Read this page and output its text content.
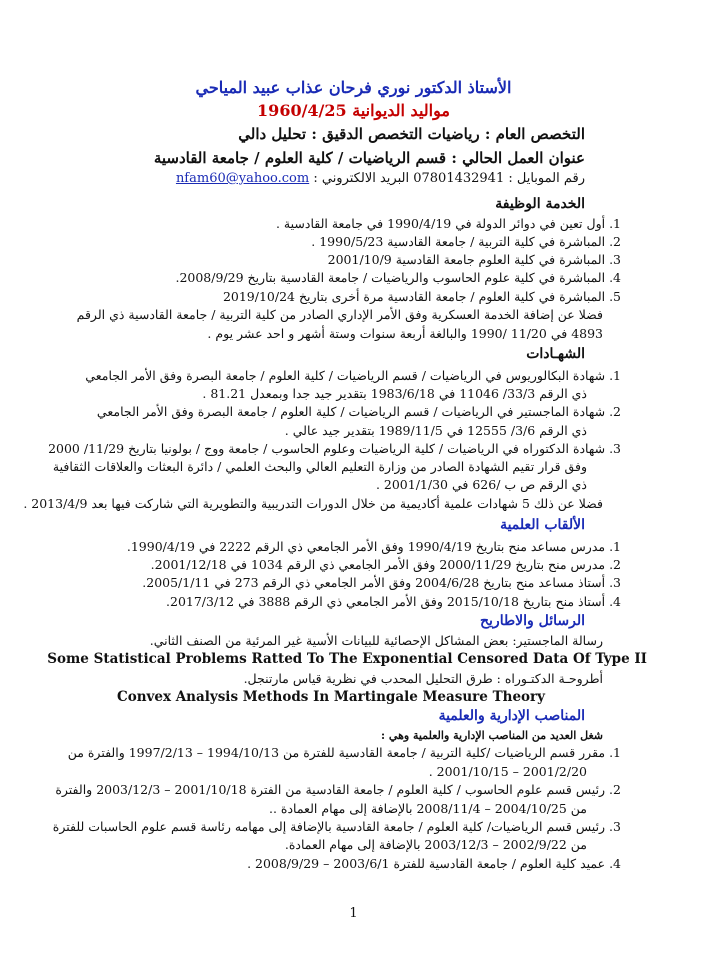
الأستاذ الدكتور نوري فرحان عذاب عبيد المياحي
مواليد الديوانية 1960/4/25
التخصص العام : رياضيات التخصص الدقيق : تحليل دالي
عنوان العمل الحالي : قسم الرياضيات / كلية العلوم / جامعة القادسية
رقم الموبايل : 07801432941 البريد الالكتروني : nfam60@yahoo.com
الخدمة الوظيفة
1. أول تعين في دوائر الدولة في 1990/4/19 في جامعة القادسية .
2. المباشرة في كلية التربية / جامعة القادسية 1990/5/23 .
3. المباشرة في كلية العلوم جامعة القادسية 2001/10/9
4. المباشرة في كلية علوم الحاسوب والرياضيات / جامعة القادسية بتاريخ 2008/9/29.
5. المباشرة في كلية العلوم / جامعة القادسية مرة أخرى بتاريخ 2019/10/24
فضلا عن إضافة الخدمة العسكرية وفق الأمر الإداري الصادر من كلية التربية / جامعة القادسية ذي الرقم
4893 في 11/20 /1990 والبالغة أربعة سنوات وستة أشهر و احد عشر يوم .
الشهـادات
1. شهادة البكالوريوس في الرياضيات / قسم الرياضيات / كلية العلوم / جامعة البصرة وفق الأمر الجامعي
ذي الرقم 33/3/ 11046 في 1983/6/18 بتقدير جيد جدا وبمعدل 81.21 .
2. شهادة الماجستير في الرياضيات / قسم الرياضيات / كلية العلوم / جامعة البصرة وفق الأمر الجامعي
ذي الرقم 3/6/ 12555 في 1989/11/5 بتقدير جيد عالي .
3. شهادة الدكتوراه في الرياضيات / كلية الرياضيات وعلوم الحاسوب / جامعة ووج / بولونيا بتاريخ 11/29/ 2000
وفق قرار تقيم الشهادة الصادر من وزارة التعليم العالي والبحث العلمي / دائرة البعثات والعلاقات الثقافية
ذي الرقم ص ب /626 في 2001/1/30 .
فضلا عن ذلك 5 شهادات علمية أكاديمية من خلال الدورات التدريبية والتطويرية التي شاركت فيها بعد 2013/4/9 .
الألقاب العلمية
1. مدرس مساعد منح بتاريخ 1990/4/19 وفق الأمر الجامعي ذي الرقم 2222 في 1990/4/19.
2. مدرس منح بتاريخ 2000/11/29 وفق الأمر الجامعي ذي الرقم 1034 في 2001/12/18.
3. أستاذ مساعد منح بتاريخ 2004/6/28 وفق الأمر الجامعي ذي الرقم 273 في 2005/1/11.
4. أستاذ منح بتاريخ 2015/10/18 وفق الأمر الجامعي ذي الرقم 3888 في 2017/3/12.
الرسائل والاطاريح
رسالة الماجستير: بعض المشاكل الإحصائية للبيانات الأسية غير المرئية من الصنف الثاني.
Some Statistical Problems Ratted To The Exponential Censored Data Of Type II
أطروحـة الدكتـوراه : طرق التحليل المحدب في نظرية قياس مارتنجل.
Convex Analysis Methods In Martingale Measure Theory
المناصب الإدارية والعلمية
شغل العديد من المناصب الإدارية والعلمية وهي :
1. مقرر قسم الرياضيات /كلية التربية / جامعة القادسية للفترة من 1994/10/13 – 1997/2/13 والفترة من
2001/2/20 – 2001/10/15 .
2. رئيس قسم علوم الحاسوب / كلية العلوم / جامعة القادسية من الفترة 2001/10/18 – 2003/12/3 والفترة
من 2004/10/25 – 2008/11/4 بالإضافة إلى مهام العمادة ..
3. رئيس قسم الرياضيات/ كلية العلوم / جامعة القادسية بالإضافة إلى مهامه رئاسة قسم علوم الحاسبات للفترة
من 2002/9/22 – 2003/12/3 بالإضافة إلى مهام العمادة.
4. عميد كلية العلوم / جامعة القادسية للفترة 2003/6/1 – 2008/9/29 .
1
